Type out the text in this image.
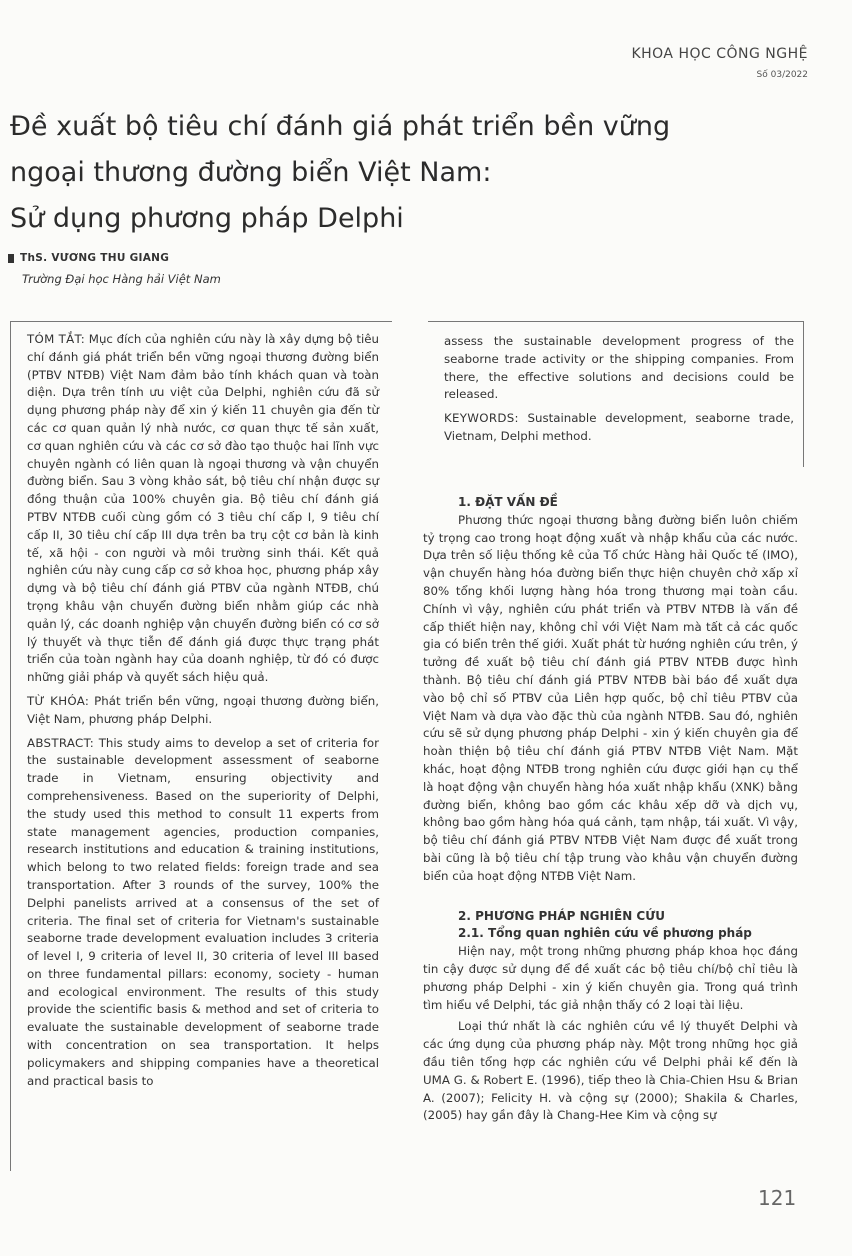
KHOA HỌC CÔNG NGHỆ
Số 03/2022
Đề xuất bộ tiêu chí đánh giá phát triển bền vững
ngoại thương đường biển Việt Nam:
Sử dụng phương pháp Delphi
ThS. VƯƠNG THU GIANG
Trường Đại học Hàng hải Việt Nam

TÓM TẮT: Mục đích của nghiên cứu này là xây dựng bộ tiêu chí đánh giá phát triển bền vững ngoại thương đường biển (PTBV NTĐB) Việt Nam đảm bảo tính khách quan và toàn diện. Dựa trên tính ưu việt của Delphi, nghiên cứu đã sử dụng phương pháp này để xin ý kiến 11 chuyên gia đến từ các cơ quan quản lý nhà nước, cơ quan thực tế sản xuất, cơ quan nghiên cứu và các cơ sở đào tạo thuộc hai lĩnh vực chuyên ngành có liên quan là ngoại thương và vận chuyển đường biển. Sau 3 vòng khảo sát, bộ tiêu chí nhận được sự đồng thuận của 100% chuyên gia. Bộ tiêu chí đánh giá PTBV NTĐB cuối cùng gồm có 3 tiêu chí cấp I, 9 tiêu chí cấp II, 30 tiêu chí cấp III dựa trên ba trụ cột cơ bản là kinh tế, xã hội - con người và môi trường sinh thái. Kết quả nghiên cứu này cung cấp cơ sở khoa học, phương pháp xây dựng và bộ tiêu chí đánh giá PTBV của ngành NTĐB, chú trọng khâu vận chuyển đường biển nhằm giúp các nhà quản lý, các doanh nghiệp vận chuyển đường biển có cơ sở lý thuyết và thực tiễn để đánh giá được thực trạng phát triển của toàn ngành hay của doanh nghiệp, từ đó có được những giải pháp và quyết sách hiệu quả.

TỪ KHÓA: Phát triển bền vững, ngoại thương đường biển, Việt Nam, phương pháp Delphi.

ABSTRACT: This study aims to develop a set of criteria for the sustainable development assessment of seaborne trade in Vietnam, ensuring objectivity and comprehensiveness. Based on the superiority of Delphi, the study used this method to consult 11 experts from state management agencies, production companies, research institutions and education & training institutions, which belong to two related fields: foreign trade and sea transportation. After 3 rounds of the survey, 100% the Delphi panelists arrived at a consensus of the set of criteria. The final set of criteria for Vietnam's sustainable seaborne trade development evaluation includes 3 criteria of level I, 9 criteria of level II, 30 criteria of level III based on three fundamental pillars: economy, society - human and ecological environment. The results of this study provide the scientific basis & method and set of criteria to evaluate the sustainable development of seaborne trade with concentration on sea transportation. It helps policymakers and shipping companies have a theoretical and practical basis to

assess the sustainable development progress of the seaborne trade activity or the shipping companies. From there, the effective solutions and decisions could be released.

KEYWORDS: Sustainable development, seaborne trade, Vietnam, Delphi method.

1. ĐẶT VẤN ĐỀ

Phương thức ngoại thương bằng đường biển luôn chiếm tỷ trọng cao trong hoạt động xuất và nhập khẩu của các nước. Dựa trên số liệu thống kê của Tổ chức Hàng hải Quốc tế (IMO), vận chuyển hàng hóa đường biển thực hiện chuyên chở xấp xỉ 80% tổng khối lượng hàng hóa trong thương mại toàn cầu. Chính vì vậy, nghiên cứu phát triển và PTBV NTĐB là vấn đề cấp thiết hiện nay, không chỉ với Việt Nam mà tất cả các quốc gia có biển trên thế giới. Xuất phát từ hướng nghiên cứu trên, ý tưởng đề xuất bộ tiêu chí đánh giá PTBV NTĐB được hình thành. Bộ tiêu chí đánh giá PTBV NTĐB bài báo đề xuất dựa vào bộ chỉ số PTBV của Liên hợp quốc, bộ chỉ tiêu PTBV của Việt Nam và dựa vào đặc thù của ngành NTĐB. Sau đó, nghiên cứu sẽ sử dụng phương pháp Delphi - xin ý kiến chuyên gia để hoàn thiện bộ tiêu chí đánh giá PTBV NTĐB Việt Nam. Mặt khác, hoạt động NTĐB trong nghiên cứu được giới hạn cụ thể là hoạt động vận chuyển hàng hóa xuất nhập khẩu (XNK) bằng đường biển, không bao gồm các khâu xếp dỡ và dịch vụ, không bao gồm hàng hóa quá cảnh, tạm nhập, tái xuất. Vì vậy, bộ tiêu chí đánh giá PTBV NTĐB Việt Nam được đề xuất trong bài cũng là bộ tiêu chí tập trung vào khâu vận chuyển đường biển của hoạt động NTĐB Việt Nam.

2. PHƯƠNG PHÁP NGHIÊN CỨU
2.1. Tổng quan nghiên cứu về phương pháp

Hiện nay, một trong những phương pháp khoa học đáng tin cậy được sử dụng để đề xuất các bộ tiêu chí/bộ chỉ tiêu là phương pháp Delphi - xin ý kiến chuyên gia. Trong quá trình tìm hiểu về Delphi, tác giả nhận thấy có 2 loại tài liệu.

Loại thứ nhất là các nghiên cứu về lý thuyết Delphi và các ứng dụng của phương pháp này. Một trong những học giả đầu tiên tổng hợp các nghiên cứu về Delphi phải kể đến là UMA G. & Robert E. (1996), tiếp theo là Chia-Chien Hsu & Brian A. (2007); Felicity H. và cộng sự (2000); Shakila & Charles,(2005) hay gần đây là Chang-Hee Kim và cộng sự

121
